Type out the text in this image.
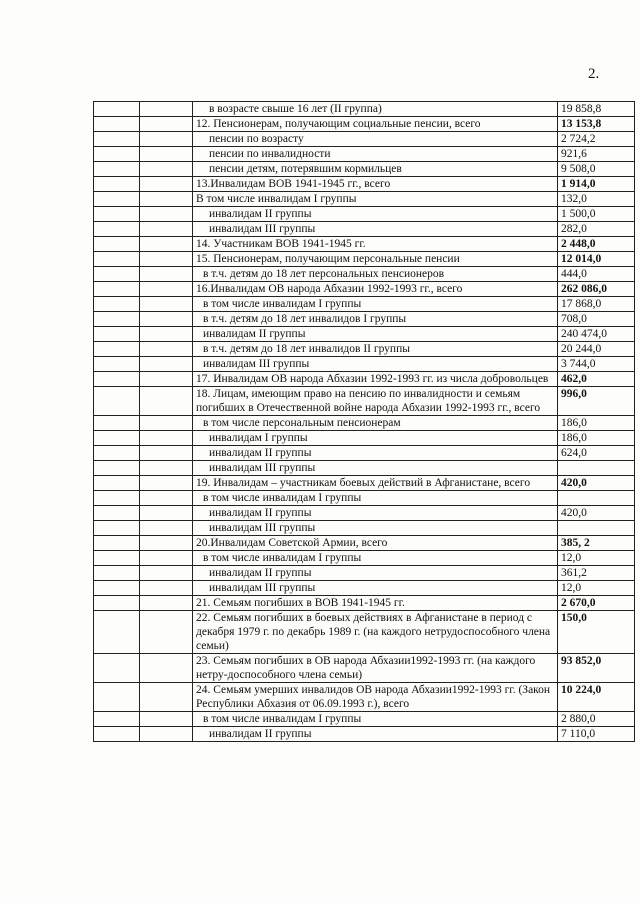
2.
		в возрасте свыше 16 лет (II группа)	19 858,8
		12. Пенсионерам, получающим социальные пенсии, всего	13 153,8
		пенсии по возрасту	2 724,2
		пенсии по инвалидности	921,6
		пенсии детям, потерявшим кормильцев	9 508,0
		13.Инвалидам ВОВ 1941-1945 гг., всего	1 914,0
		В том числе инвалидам I группы	132,0
		инвалидам II группы	1 500,0
		инвалидам III группы	282,0
		14. Участникам ВОВ 1941-1945 гг.	2 448,0
		15. Пенсионерам, получающим персональные пенсии	12 014,0
		в т.ч. детям до 18 лет персональных пенсионеров	444,0
		16.Инвалидам ОВ народа Абхазии 1992-1993 гг., всего	262 086,0
		в том числе инвалидам I группы	17 868,0
		в т.ч. детям до 18 лет инвалидов I группы	708,0
		инвалидам II группы	240 474,0
		в т.ч. детям до 18 лет инвалидов II группы	20 244,0
		инвалидам III группы	3 744,0
		17. Инвалидам ОВ народа Абхазии 1992-1993 гг. из числа добровольцев	462,0
		18. Лицам, имеющим право на пенсию по инвалидности и семьям погибших в Отечественной войне народа Абхазии 1992-1993 гг., всего	996,0
		в том числе персональным пенсионерам	186,0
		инвалидам I группы	186,0
		инвалидам II группы	624,0
		инвалидам III группы	
		19. Инвалидам – участникам боевых действий в Афганистане, всего	420,0
		в том числе инвалидам I группы	
		инвалидам II группы	420,0
		инвалидам III группы	
		20.Инвалидам Советской Армии, всего	385, 2
		в том числе инвалидам I группы	12,0
		инвалидам II группы	361,2
		инвалидам III группы	12,0
		21. Семьям погибших в ВОВ 1941-1945 гг.	2 670,0
		22. Семьям погибших в боевых действиях в Афганистане в период с декабря 1979 г. по декабрь 1989 г. (на каждого нетрудоспособного члена семьи)	150,0
		23. Семьям погибших в ОВ народа Абхазии1992-1993 гг. (на каждого нетру-доспособного члена семьи)	93 852,0
		24. Семьям умерших инвалидов ОВ народа Абхазии1992-1993 гг. (Закон Республики Абхазия от 06.09.1993 г.), всего	10 224,0
		в том числе инвалидам I группы	2 880,0
		инвалидам II группы	7 110,0
